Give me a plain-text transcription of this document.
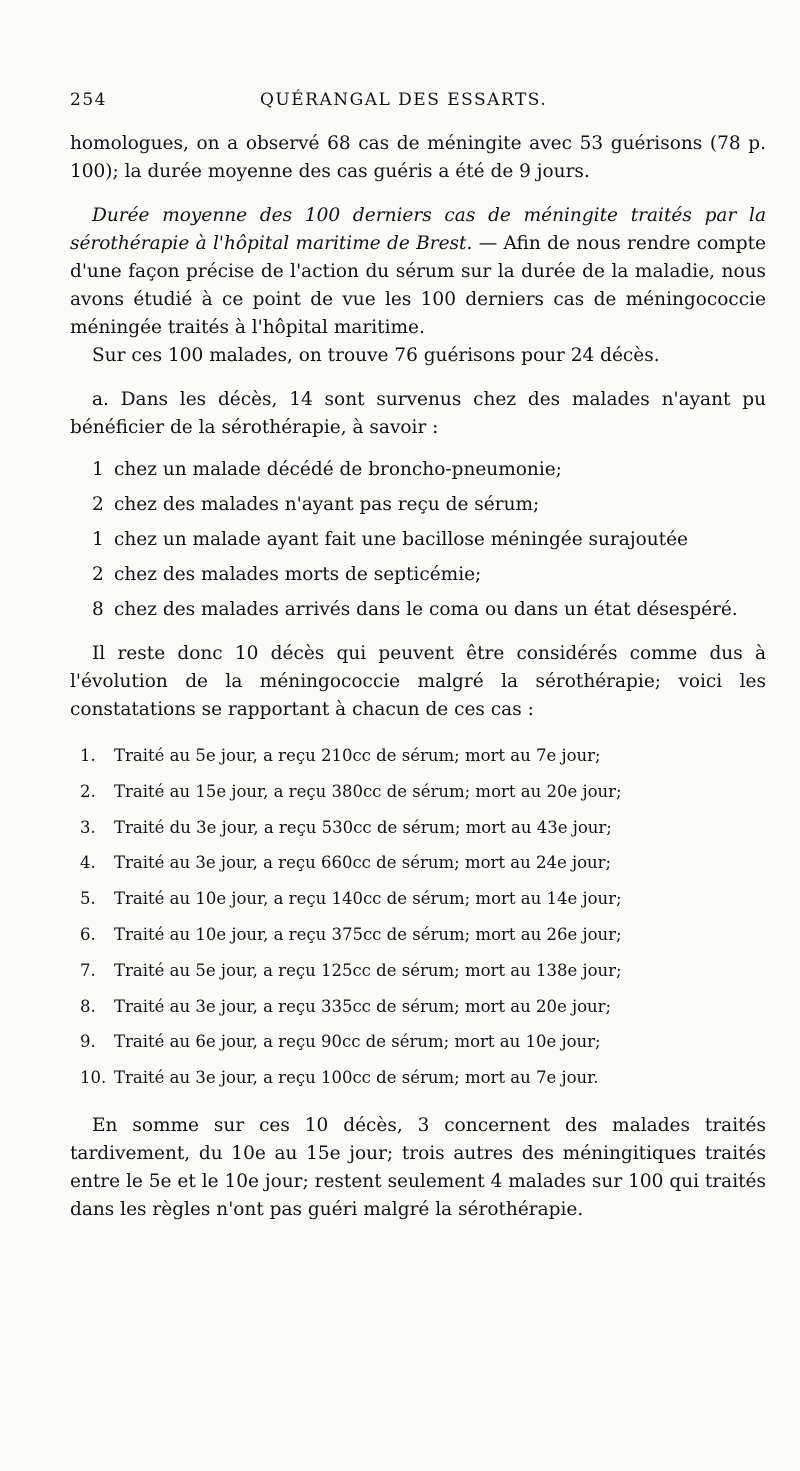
254	QUÉRANGAL DES ESSARTS.

homologues, on a observé 68 cas de méningite avec 53 guérisons (78 p. 100); la durée moyenne des cas guéris a été de 9 jours.

Durée moyenne des 100 derniers cas de méningite traités par la sérothérapie à l'hôpital maritime de Brest. — Afin de nous rendre compte d'une façon précise de l'action du sérum sur la durée de la maladie, nous avons étudié à ce point de vue les 100 derniers cas de méningococcie méningée traités à l'hôpital maritime.

Sur ces 100 malades, on trouve 76 guérisons pour 24 décès.

a. Dans les décès, 14 sont survenus chez des malades n'ayant pu bénéficier de la sérothérapie, à savoir :

1 chez un malade décédé de broncho-pneumonie;
2 chez des malades n'ayant pas reçu de sérum;
1 chez un malade ayant fait une bacillose méningée surajoutée
2 chez des malades morts de septicémie;
8 chez des malades arrivés dans le coma ou dans un état désespéré.

Il reste donc 10 décès qui peuvent être considérés comme dus à l'évolution de la méningococcie malgré la sérothérapie; voici les constatations se rapportant à chacun de ces cas :

1. Traité au 5e jour, a reçu 210cc de sérum; mort au 7e jour;
2. Traité au 15e jour, a reçu 380cc de sérum; mort au 20e jour;
3. Traité du 3e jour, a reçu 530cc de sérum; mort au 43e jour;
4. Traité au 3e jour, a reçu 660cc de sérum; mort au 24e jour;
5. Traité au 10e jour, a reçu 140cc de sérum; mort au 14e jour;
6. Traité au 10e jour, a reçu 375cc de sérum; mort au 26e jour;
7. Traité au 5e jour, a reçu 125cc de sérum; mort au 138e jour;
8. Traité au 3e jour, a reçu 335cc de sérum; mort au 20e jour;
9. Traité au 6e jour, a reçu 90cc de sérum; mort au 10e jour;
10. Traité au 3e jour, a reçu 100cc de sérum; mort au 7e jour.

En somme sur ces 10 décès, 3 concernent des malades traités tardivement, du 10e au 15e jour; trois autres des méningitiques traités entre le 5e et le 10e jour; restent seulement 4 malades sur 100 qui traités dans les règles n'ont pas guéri malgré la sérothérapie.
